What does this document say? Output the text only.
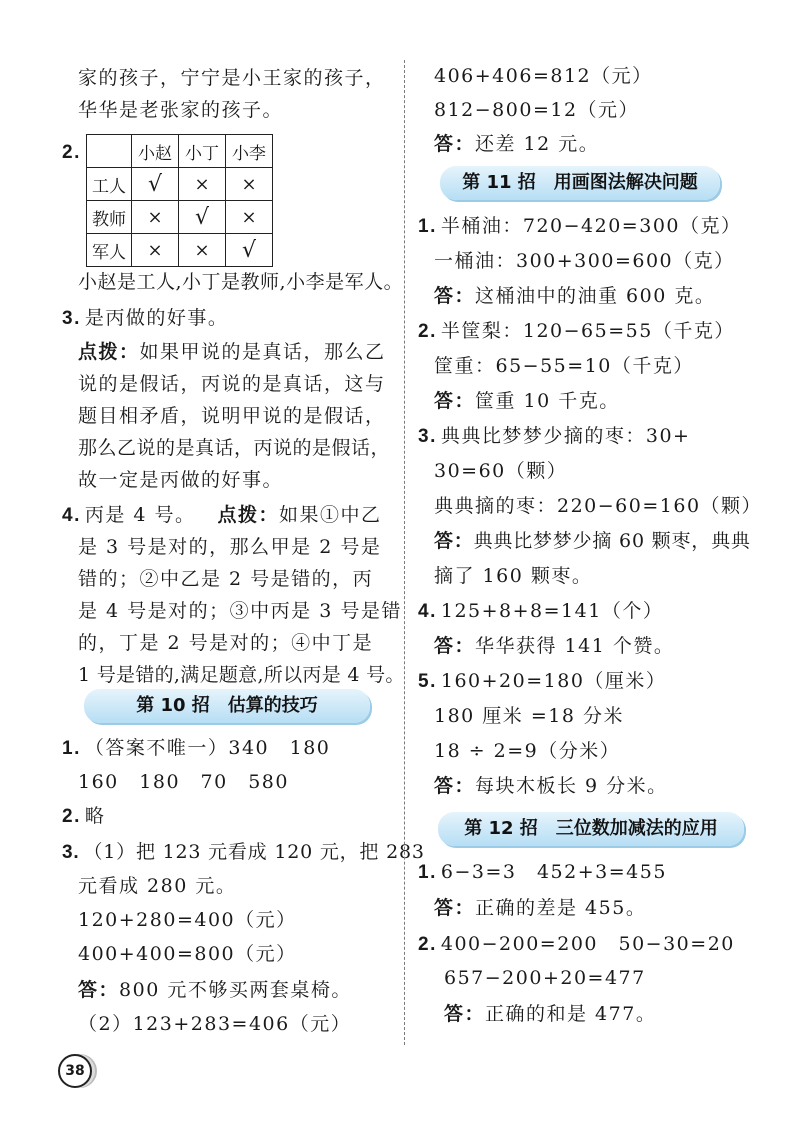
家的孩子，宁宁是小王家的孩子，
华华是老张家的孩子。
2.
		小赵	小丁	小李
工人	√	×	×
教师	×	√	×
军人	×	×	√
小赵是工人,小丁是教师,小李是军人。
3. 是丙做的好事。
点拨：如果甲说的是真话，那么乙
说的是假话，丙说的是真话，这与
题目相矛盾，说明甲说的是假话，
那么乙说的是真话，丙说的是假话，
故一定是丙做的好事。
4. 丙是 4 号。 点拨：如果①中乙
是 3 号是对的，那么甲是 2 号是
错的；②中乙是 2 号是错的，丙
是 4 号是对的；③中丙是 3 号是错
的，丁是 2 号是对的；④中丁是
1 号是错的,满足题意,所以丙是 4 号。
第 10 招 估算的技巧
1. （答案不唯一）340　180
160　180　70　580
2. 略
3. （1）把 123 元看成 120 元，把 283
元看成 280 元。
120+280=400（元）
400+400=800（元）
答：800 元不够买两套桌椅。
（2）123+283=406（元）
406+406=812（元）
812−800=12（元）
答：还差 12 元。
第 11 招 用画图法解决问题
1. 半桶油：720−420=300（克）
一桶油：300+300=600（克）
答：这桶油中的油重 600 克。
2. 半筐梨：120−65=55（千克）
筐重：65−55=10（千克）
答：筐重 10 千克。
3. 典典比梦梦少摘的枣：30+
30=60（颗）
典典摘的枣：220−60=160（颗）
答：典典比梦梦少摘 60 颗枣，典典
摘了 160 颗枣。
4. 125+8+8=141（个）
答：华华获得 141 个赞。
5. 160+20=180（厘米）
180 厘米 =18 分米
18 ÷ 2=9（分米）
答：每块木板长 9 分米。
第 12 招 三位数加减法的应用
1. 6−3=3　452+3=455
答：正确的差是 455。
2. 400−200=200　50−30=20
657−200+20=477
答：正确的和是 477。
38
